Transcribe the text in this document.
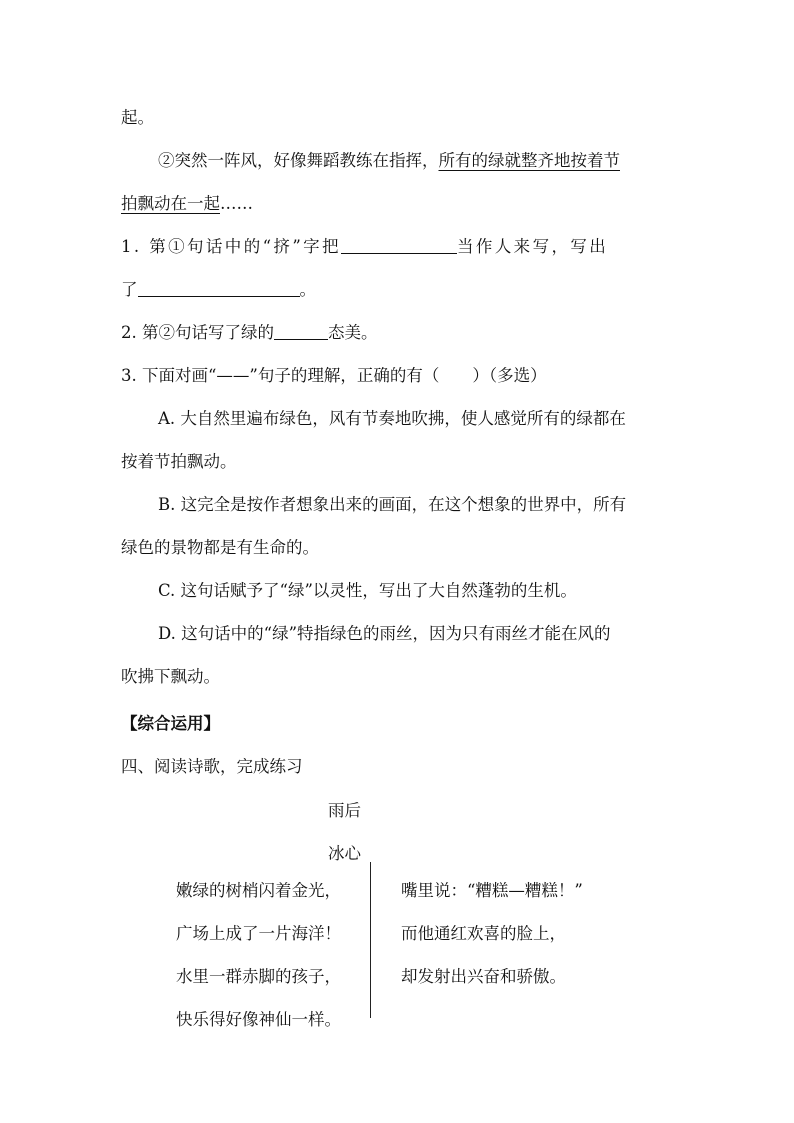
起。
②突然一阵风，好像舞蹈教练在指挥，所有的绿就整齐地按着节
拍飘动在一起……
1. 第①句话中的“挤”字把	当作人来写，写出
了	。
2. 第②句话写了绿的	态美。
3. 下面对画“——”句子的理解，正确的有（　　）（多选）
A. 大自然里遍布绿色，风有节奏地吹拂，使人感觉所有的绿都在
按着节拍飘动。
B. 这完全是按作者想象出来的画面，在这个想象的世界中，所有
绿色的景物都是有生命的。
C. 这句话赋予了“绿”以灵性，写出了大自然蓬勃的生机。
D. 这句话中的“绿”特指绿色的雨丝，因为只有雨丝才能在风的
吹拂下飘动。
【综合运用】
四、阅读诗歌，完成练习
雨后
冰心
嫩绿的树梢闪着金光，
广场上成了一片海洋！
水里一群赤脚的孩子，
快乐得好像神仙一样。
嘴里说：“糟糕—糟糕！”
而他通红欢喜的脸上，
却发射出兴奋和骄傲。
